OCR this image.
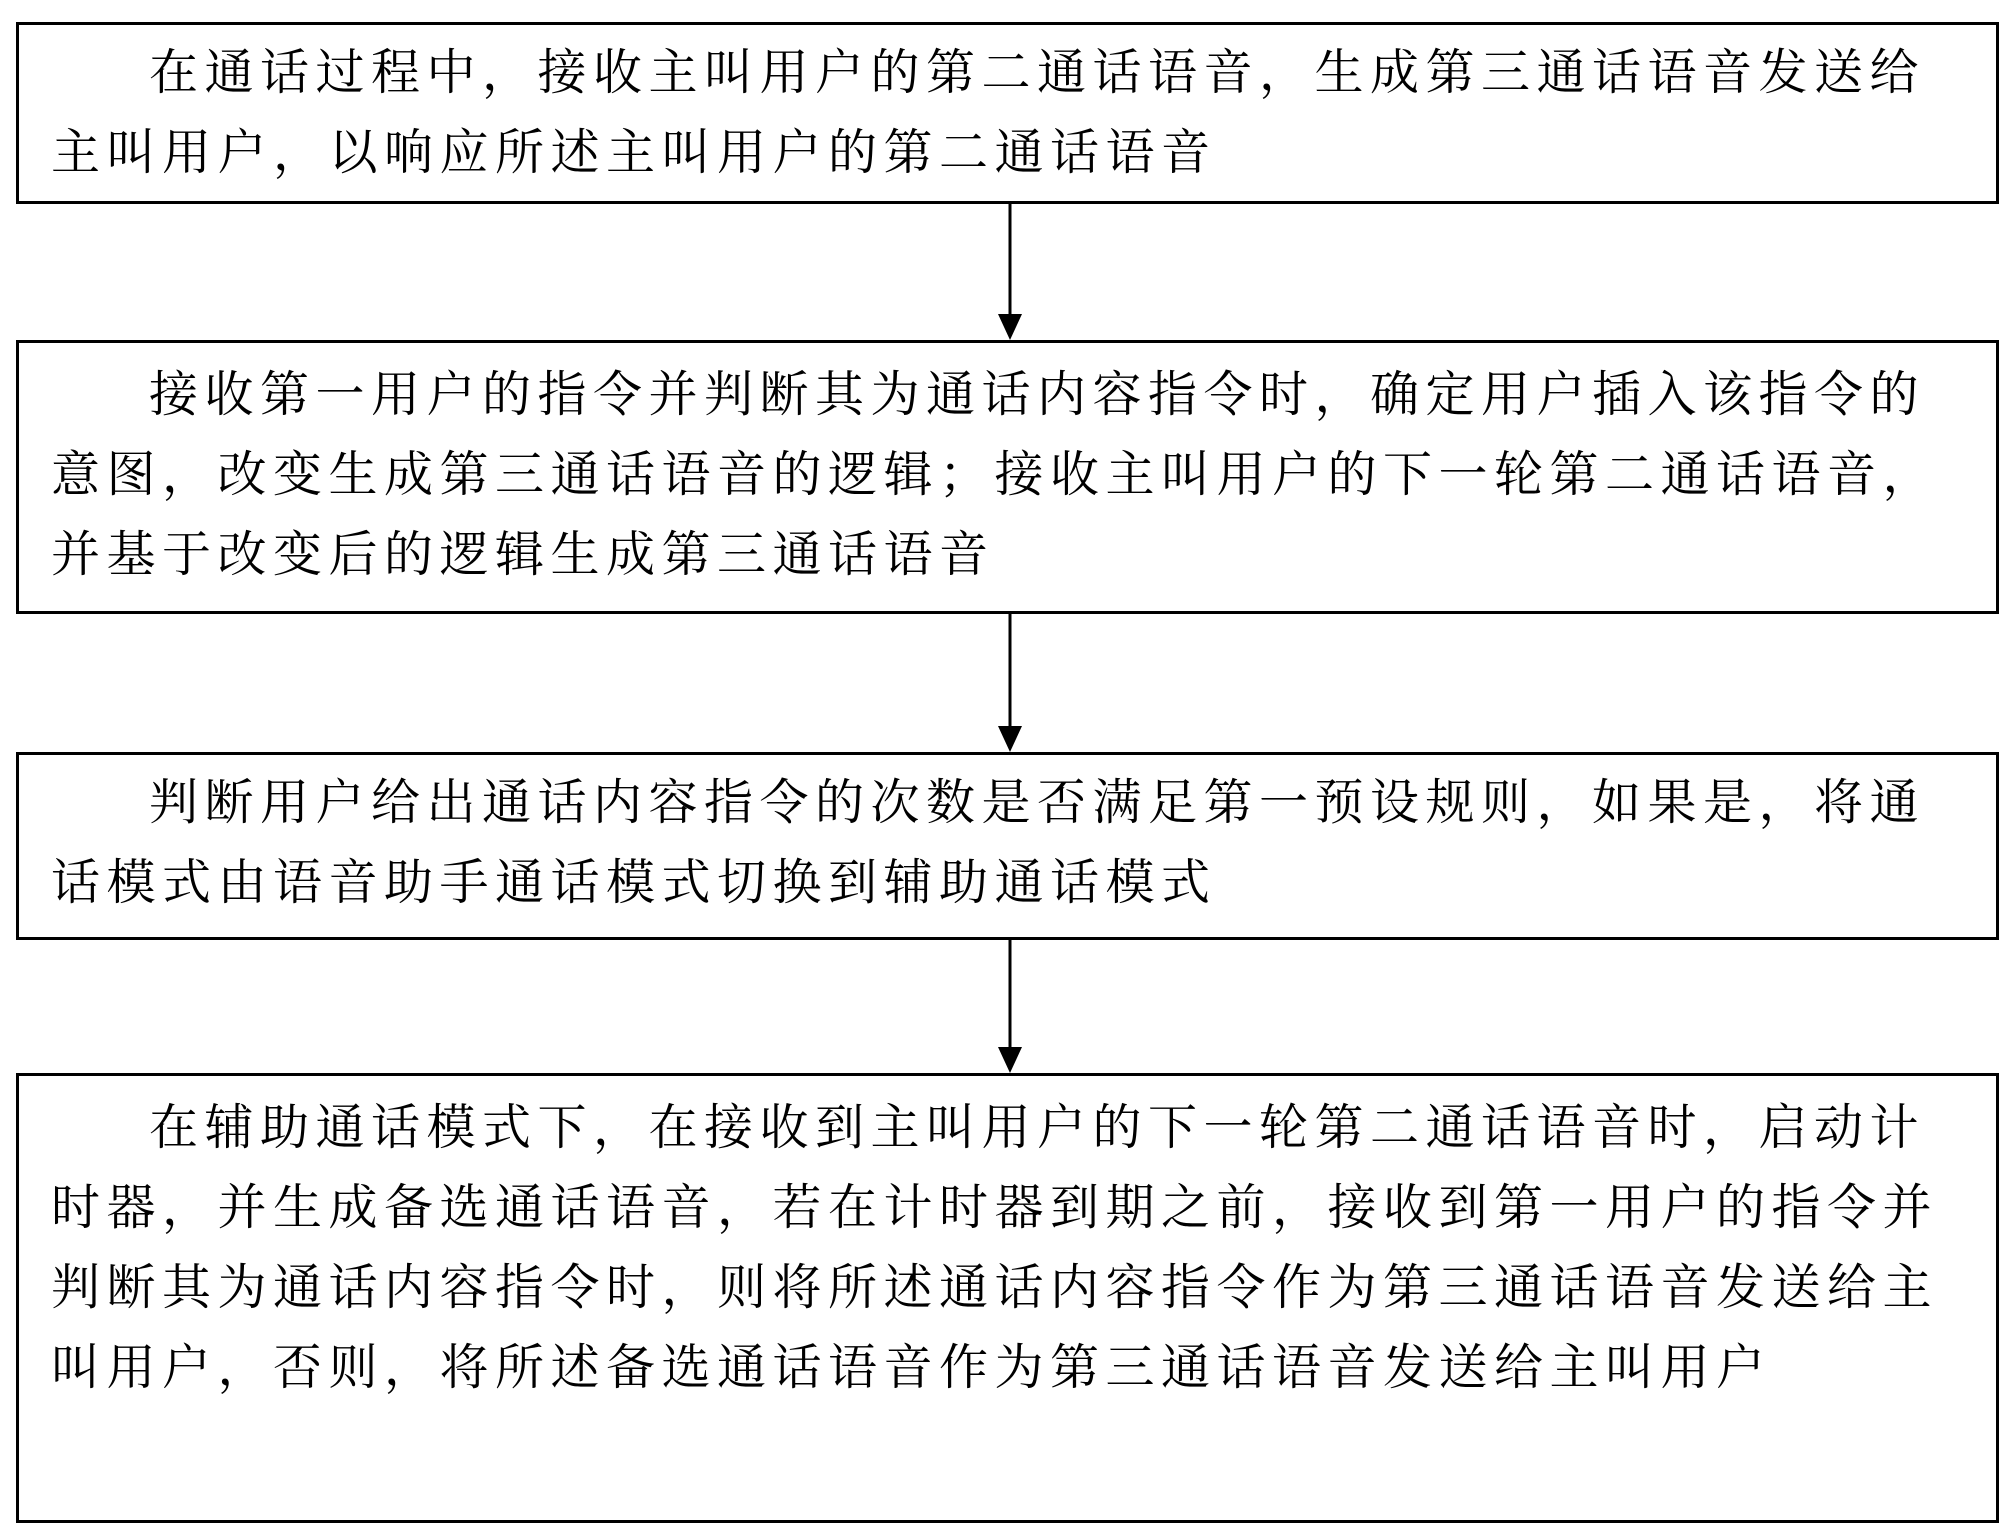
在通话过程中，接收主叫用户的第二通话语音，生成第三通话语音发送给主叫用户，以响应所述主叫用户的第二通话语音

接收第一用户的指令并判断其为通话内容指令时，确定用户插入该指令的意图，改变生成第三通话语音的逻辑；接收主叫用户的下一轮第二通话语音，并基于改变后的逻辑生成第三通话语音

判断用户给出通话内容指令的次数是否满足第一预设规则，如果是，将通话模式由语音助手通话模式切换到辅助通话模式

在辅助通话模式下，在接收到主叫用户的下一轮第二通话语音时，启动计时器，并生成备选通话语音，若在计时器到期之前，接收到第一用户的指令并判断其为通话内容指令时，则将所述通话内容指令作为第三通话语音发送给主叫用户，否则，将所述备选通话语音作为第三通话语音发送给主叫用户
